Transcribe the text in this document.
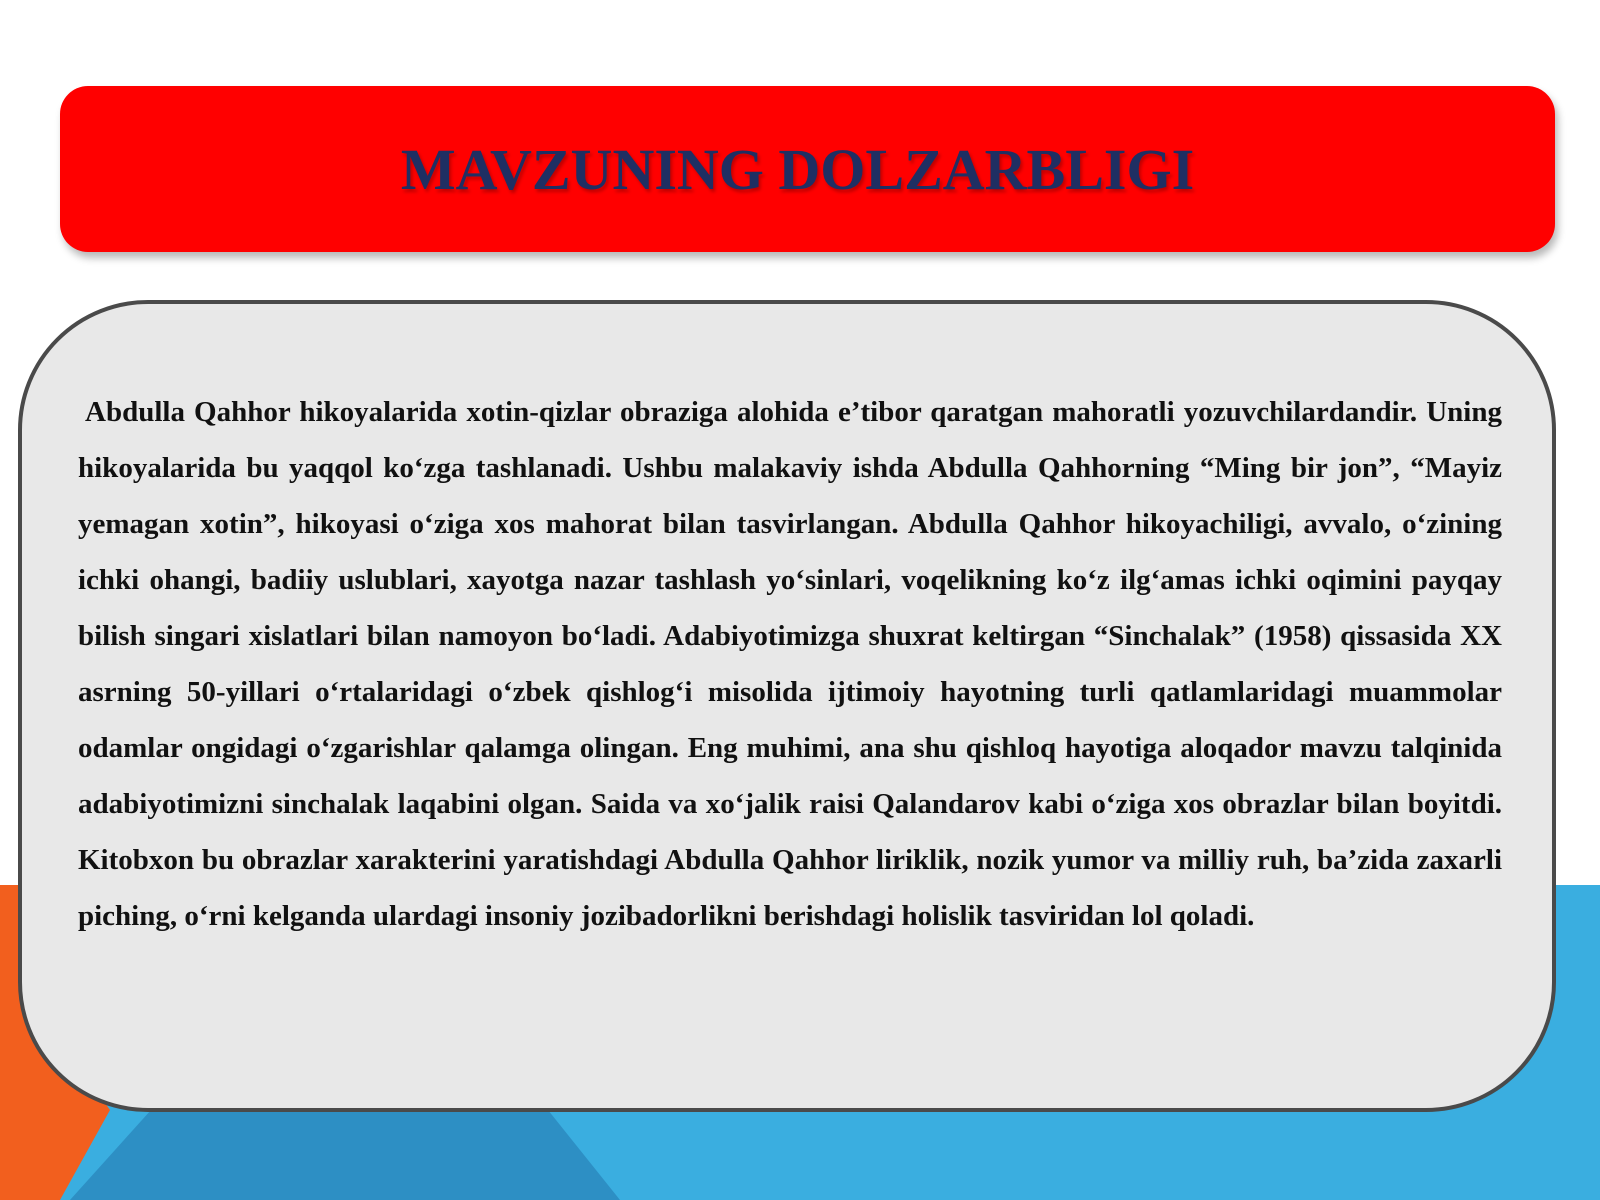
MAVZUNING DOLZARBLIGI

Abdulla Qahhor hikoyalarida xotin-qizlar obraziga alohida e’tibor qaratgan mahoratli yozuvchilardandir. Uning hikoyalarida bu yaqqol ko‘zga tashlanadi. Ushbu malakaviy ishda Abdulla Qahhorning “Ming bir jon”, “Mayiz yemagan xotin”, hikoyasi o‘ziga xos mahorat bilan tasvirlangan. Abdulla Qahhor hikoyachiligi, avvalo, o‘zining ichki ohangi, badiiy uslublari, xayotga nazar tashlash yo‘sinlari, voqelikning ko‘z ilg‘amas ichki oqimini payqay bilish singari xislatlari bilan namoyon bo‘ladi. Adabiyotimizga shuxrat keltirgan “Sinchalak” (1958) qissasida XX asrning 50-yillari o‘rtalaridagi o‘zbek qishlog‘i misolida ijtimoiy hayotning turli qatlamlaridagi muammolar odamlar ongidagi o‘zgarishlar qalamga olingan. Eng muhimi, ana shu qishloq hayotiga aloqador mavzu talqinida adabiyotimizni sinchalak laqabini olgan. Saida va xo‘jalik raisi Qalandarov kabi o‘ziga xos obrazlar bilan boyitdi. Kitobxon bu obrazlar xarakterini yaratishdagi Abdulla Qahhor liriklik, nozik yumor va milliy ruh, ba’zida zaxarli piching, o‘rni kelganda ulardagi insoniy jozibadorlikni berishdagi holislik tasviridan lol qoladi.
